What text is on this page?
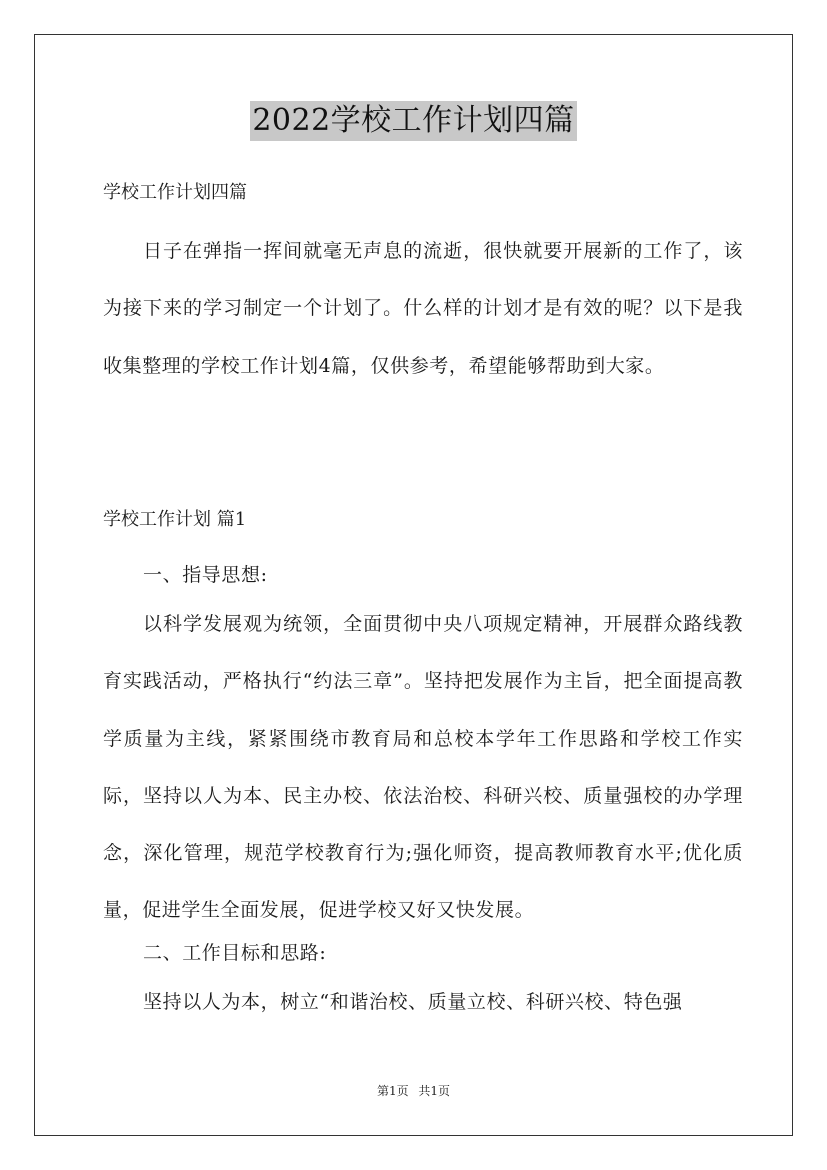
2022学校工作计划四篇
学校工作计划四篇

日子在弹指一挥间就毫无声息的流逝，很快就要开展新的工作了，该为接下来的学习制定一个计划了。什么样的计划才是有效的呢？以下是我收集整理的学校工作计划4篇，仅供参考，希望能够帮助到大家。

学校工作计划 篇1

一、指导思想:

以科学发展观为统领，全面贯彻中央八项规定精神，开展群众路线教育实践活动，严格执行“约法三章”。坚持把发展作为主旨，把全面提高教学质量为主线，紧紧围绕市教育局和总校本学年工作思路和学校工作实际，坚持以人为本、民主办校、依法治校、科研兴校、质量强校的办学理念，深化管理，规范学校教育行为;强化师资，提高教师教育水平;优化质量，促进学生全面发展，促进学校又好又快发展。

二、工作目标和思路:

坚持以人为本，树立“和谐治校、质量立校、科研兴校、特色强

第1页 共1页
